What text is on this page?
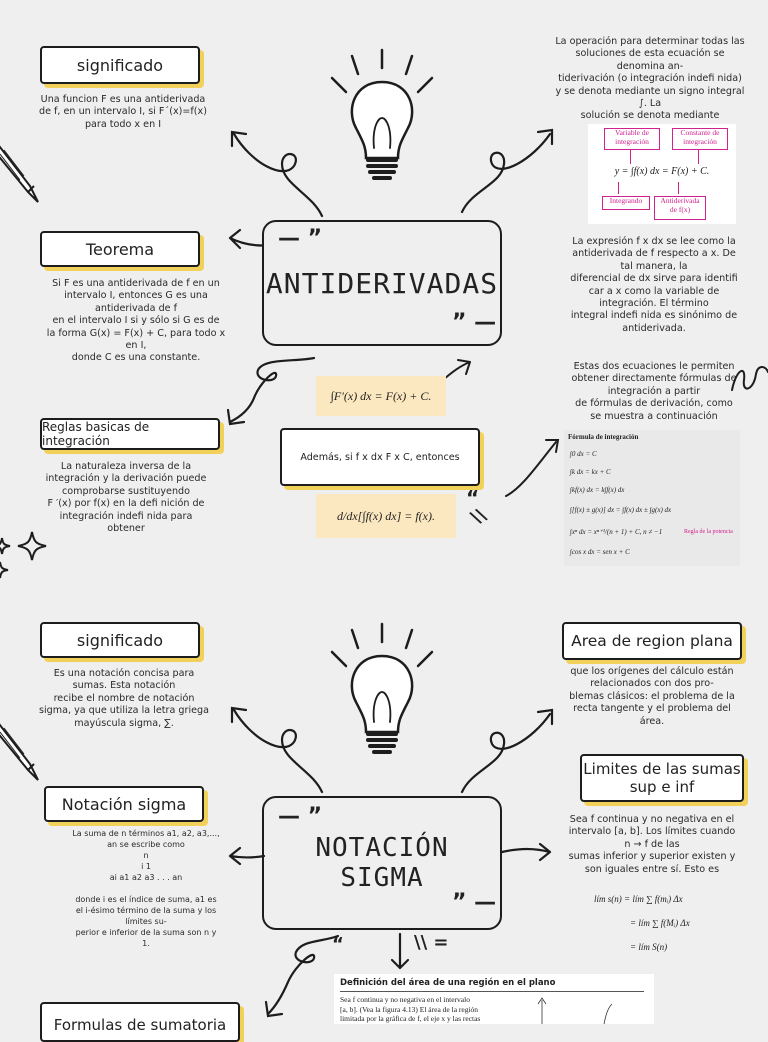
significado
Una funcion F es una antiderivada
de f, en un intervalo I, si F´(x)=f(x)
para todo x en I
ANTIDERIVADAS
— ”
” —
Teorema
Si F es una antiderivada de f en un
intervalo I, entonces G es una
antiderivada de f
en el intervalo I si y sólo si G es de
la forma G(x) = F(x) + C, para todo x
en I,
donde C es una constante.
Reglas basicas de integración
La naturaleza inversa de la
integración y la derivación puede
comprobarse sustituyendo
F ′(x) por f(x) en la defi nición de
integración indefi nida para
obtener
∫F′(x) dx = F(x) + C.
Además, si f x dx F x C, entonces
d/dx[∫f(x) dx] = f(x).
“
\\
La operación para determinar todas las
soluciones de esta ecuación se
denomina an-
tiderivación (o integración indefi nida)
y se denota mediante un signo integral
∫. La
solución se denota mediante
Variable de
integración
Constante de
integración
y = ∫f(x) dx = F(x) + C.
Integrando	Antiderivada
de f(x)
La expresión f x dx se lee como la
antiderivada de f respecto a x. De
tal manera, la
diferencial de dx sirve para identifi
car a x como la variable de
integración. El término
integral indefi nida es sinónimo de
antiderivada.
Estas dos ecuaciones le permiten
obtener directamente fórmulas de
integración a partir
de fórmulas de derivación, como
se muestra a continuación
Fórmula de integración
∫0 dx = C
∫k dx = kx + C
∫kf(x) dx = k∫f(x) dx
∫[f(x) ± g(x)] dx = ∫f(x) dx ± ∫g(x) dx
∫xⁿ dx = xⁿ⁺¹/(n + 1) + C, n ≠ −1
∫cos x dx = sen x + C
Regla de la potencia
significado
Es una notación concisa para
sumas. Esta notación
recibe el nombre de notación
sigma, ya que utiliza la letra griega
mayúscula sigma, ∑.
Notación sigma
La suma de n términos a1, a2, a3,...,
an se escribe como
n
i 1
ai a1 a2 a3 . . . an

donde i es el índice de suma, a1 es
el i-ésimo término de la suma y los
límites su-
perior e inferior de la suma son n y
1.
NOTACIÓN
SIGMA
— ”
” —
\\ =
“
Formulas de sumatoria
Area de region plana
que los orígenes del cálculo están
relacionados con dos pro-
blemas clásicos: el problema de la
recta tangente y el problema del
área.
Limites de las sumas
sup e inf
Sea f continua y no negativa en el
intervalo [a, b]. Los límites cuando
n → f de las
sumas inferior y superior existen y
son iguales entre sí. Esto es
lím s(n) = lím ∑ f(mᵢ) Δx
= lím ∑ f(Mᵢ) Δx
= lím S(n)
Definición del área de una región en el plano
Sea f continua y no negativa en el intervalo
[a, b]. (Vea la figura 4.13) El área de la región
limitada por la gráfica de f, el eje x y las rectas
